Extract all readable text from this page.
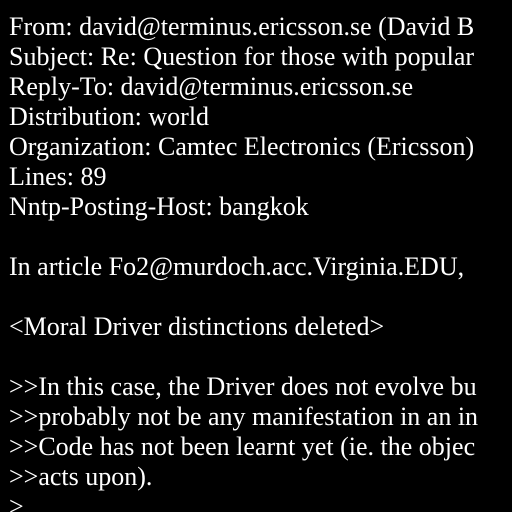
From: david@terminus.ericsson.se (David B
Subject: Re: Question for those with popular
Reply-To: david@terminus.ericsson.se
Distribution: world
Organization: Camtec Electronics (Ericsson)
Lines: 89
Nntp-Posting-Host: bangkok
In article Fo2@murdoch.acc.Virginia.EDU,
<Moral Driver distinctions deleted>
>>In this case, the Driver does not evolve bu
>>probably not be any manifestation in an in
>>Code has not been learnt yet (ie. the objec
>>acts upon).
>
